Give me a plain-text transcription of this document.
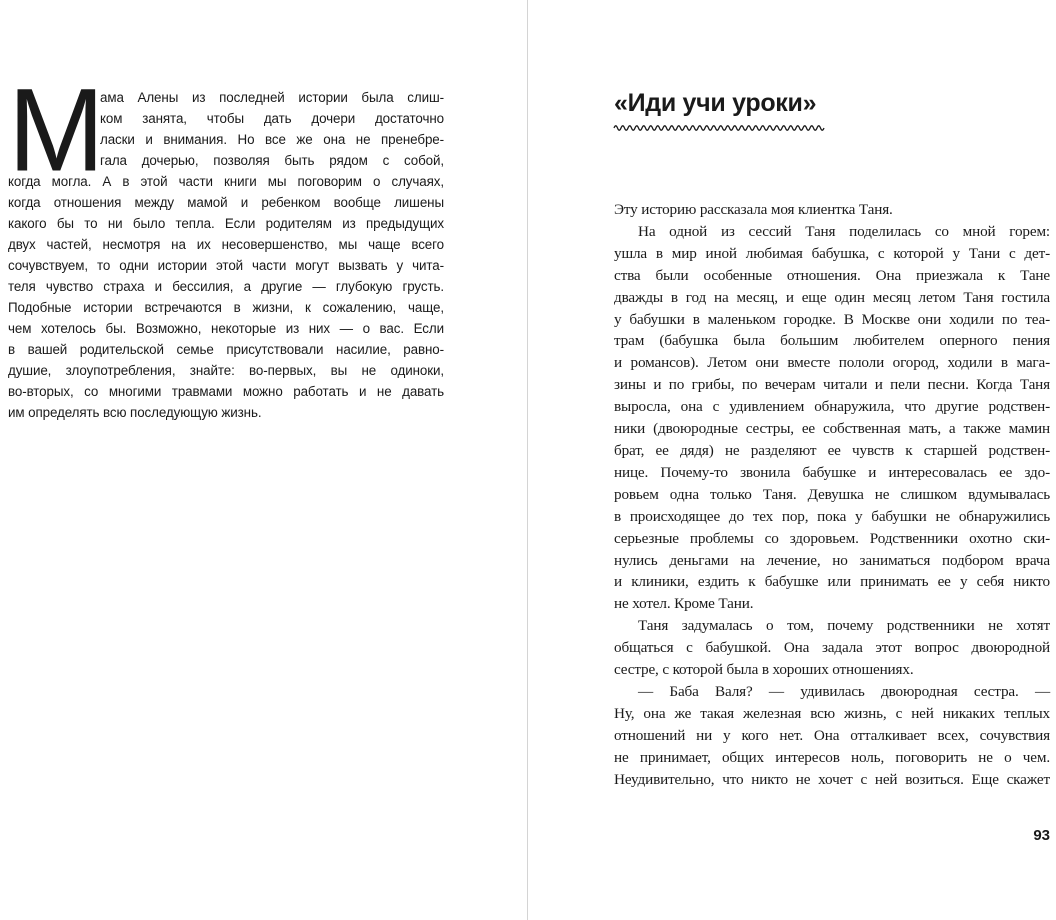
М ама Алены из последней истории была слиш-
ком занята, чтобы дать дочери достаточно
ласки и внимания. Но все же она не пренебре-
гала дочерью, позволяя быть рядом с собой,
когда могла. А в этой части книги мы поговорим о случаях,
когда отношения между мамой и ребенком вообще лишены
какого бы то ни было тепла. Если родителям из предыдущих
двух частей, несмотря на их несовершенство, мы чаще всего
сочувствуем, то одни истории этой части могут вызвать у чита-
теля чувство страха и бессилия, а другие — глубокую грусть.
Подобные истории встречаются в жизни, к сожалению, чаще,
чем хотелось бы. Возможно, некоторые из них — о вас. Если
в вашей родительской семье присутствовали насилие, равно-
душие, злоупотребления, знайте: во-первых, вы не одиноки,
во-вторых, со многими травмами можно работать и не давать
им определять всю последующую жизнь.
«Иди учи уроки»
Эту историю рассказала моя клиентка Таня.
На одной из сессий Таня поделилась со мной горем:
ушла в мир иной любимая бабушка, с которой у Тани с дет-
ства были особенные отношения. Она приезжала к Тане
дважды в год на месяц, и еще один месяц летом Таня гостила
у бабушки в маленьком городке. В Москве они ходили по теа-
трам (бабушка была большим любителем оперного пения
и романсов). Летом они вместе пололи огород, ходили в мага-
зины и по грибы, по вечерам читали и пели песни. Когда Таня
выросла, она с удивлением обнаружила, что другие родствен-
ники (двоюродные сестры, ее собственная мать, а также мамин
брат, ее дядя) не разделяют ее чувств к старшей родствен-
нице. Почему-то звонила бабушке и интересовалась ее здо-
ровьем одна только Таня. Девушка не слишком вдумывалась
в происходящее до тех пор, пока у бабушки не обнаружились
серьезные проблемы со здоровьем. Родственники охотно ски-
нулись деньгами на лечение, но заниматься подбором врача
и клиники, ездить к бабушке или принимать ее у себя никто
не хотел. Кроме Тани.
Таня задумалась о том, почему родственники не хотят
общаться с бабушкой. Она задала этот вопрос двоюродной
сестре, с которой была в хороших отношениях.
— Баба Валя? — удивилась двоюродная сестра. —
Ну, она же такая железная всю жизнь, с ней никаких теплых
отношений ни у кого нет. Она отталкивает всех, сочувствия
не принимает, общих интересов ноль, поговорить не о чем.
Неудивительно, что никто не хочет с ней возиться. Еще скажет
93
